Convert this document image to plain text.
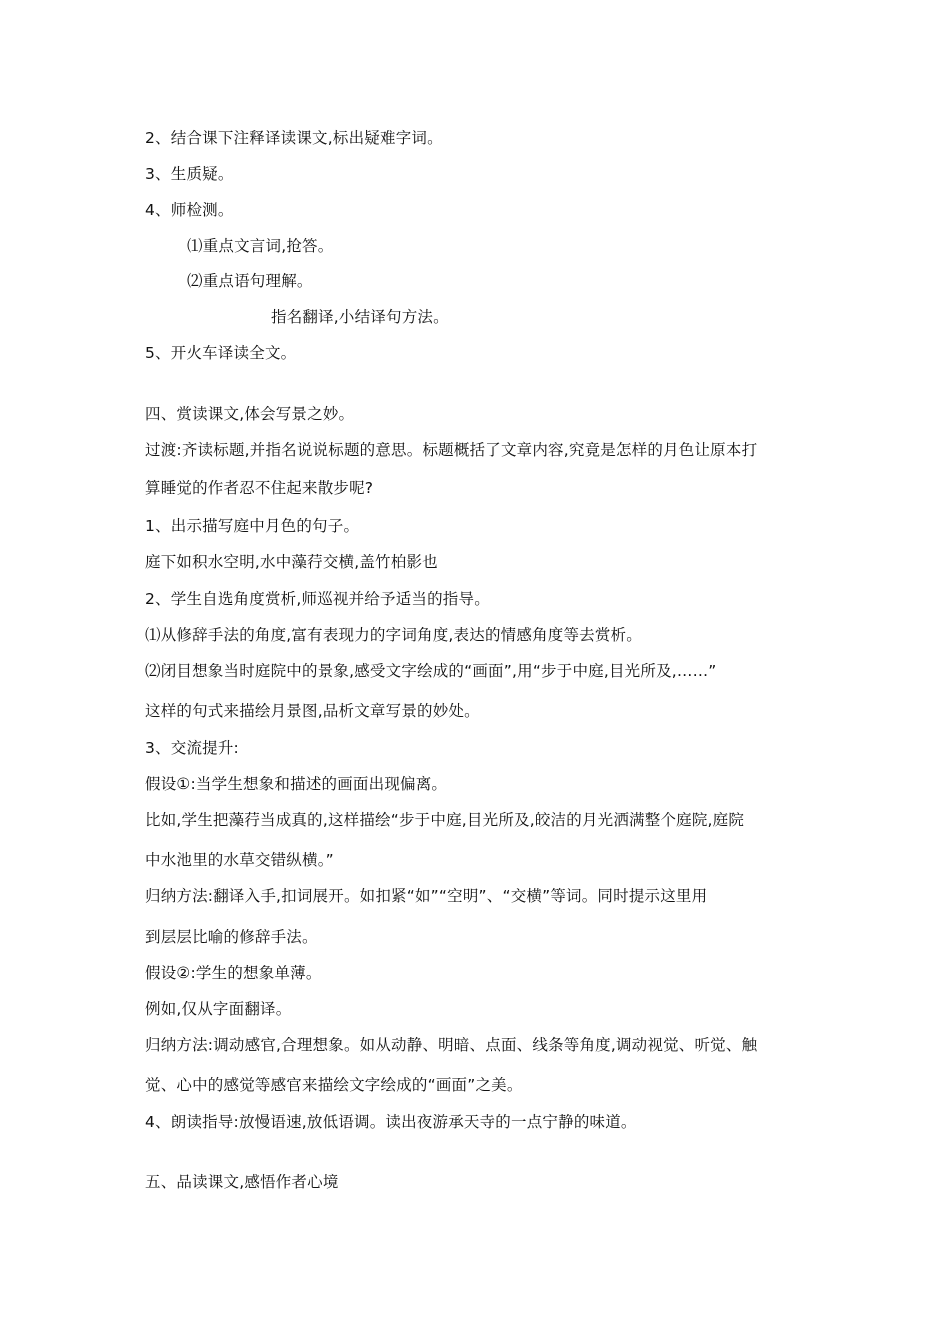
2、结合课下注释译读课文,标出疑难字词。
3、生质疑。
4、师检测。
⑴重点文言词,抢答。
⑵重点语句理解。
指名翻译,小结译句方法。
5、开火车译读全文。
四、赏读课文,体会写景之妙。
过渡:齐读标题,并指名说说标题的意思。标题概括了文章内容,究竟是怎样的月色让原本打
算睡觉的作者忍不住起来散步呢?
1、出示描写庭中月色的句子。
庭下如积水空明,水中藻荇交横,盖竹柏影也
2、学生自选角度赏析,师巡视并给予适当的指导。
⑴从修辞手法的角度,富有表现力的字词角度,表达的情感角度等去赏析。
⑵闭目想象当时庭院中的景象,感受文字绘成的“画面”,用“步于中庭,目光所及,……”
这样的句式来描绘月景图,品析文章写景的妙处。
3、交流提升:
假设①:当学生想象和描述的画面出现偏离。
比如,学生把藻荇当成真的,这样描绘“步于中庭,目光所及,皎洁的月光洒满整个庭院,庭院
中水池里的水草交错纵横。”
归纳方法:翻译入手,扣词展开。如扣紧“如”“空明”、“交横”等词。同时提示这里用
到层层比喻的修辞手法。
假设②:学生的想象单薄。
例如,仅从字面翻译。
归纳方法:调动感官,合理想象。如从动静、明暗、点面、线条等角度,调动视觉、听觉、触
觉、心中的感觉等感官来描绘文字绘成的“画面”之美。
4、朗读指导:放慢语速,放低语调。读出夜游承天寺的一点宁静的味道。
五、品读课文,感悟作者心境
